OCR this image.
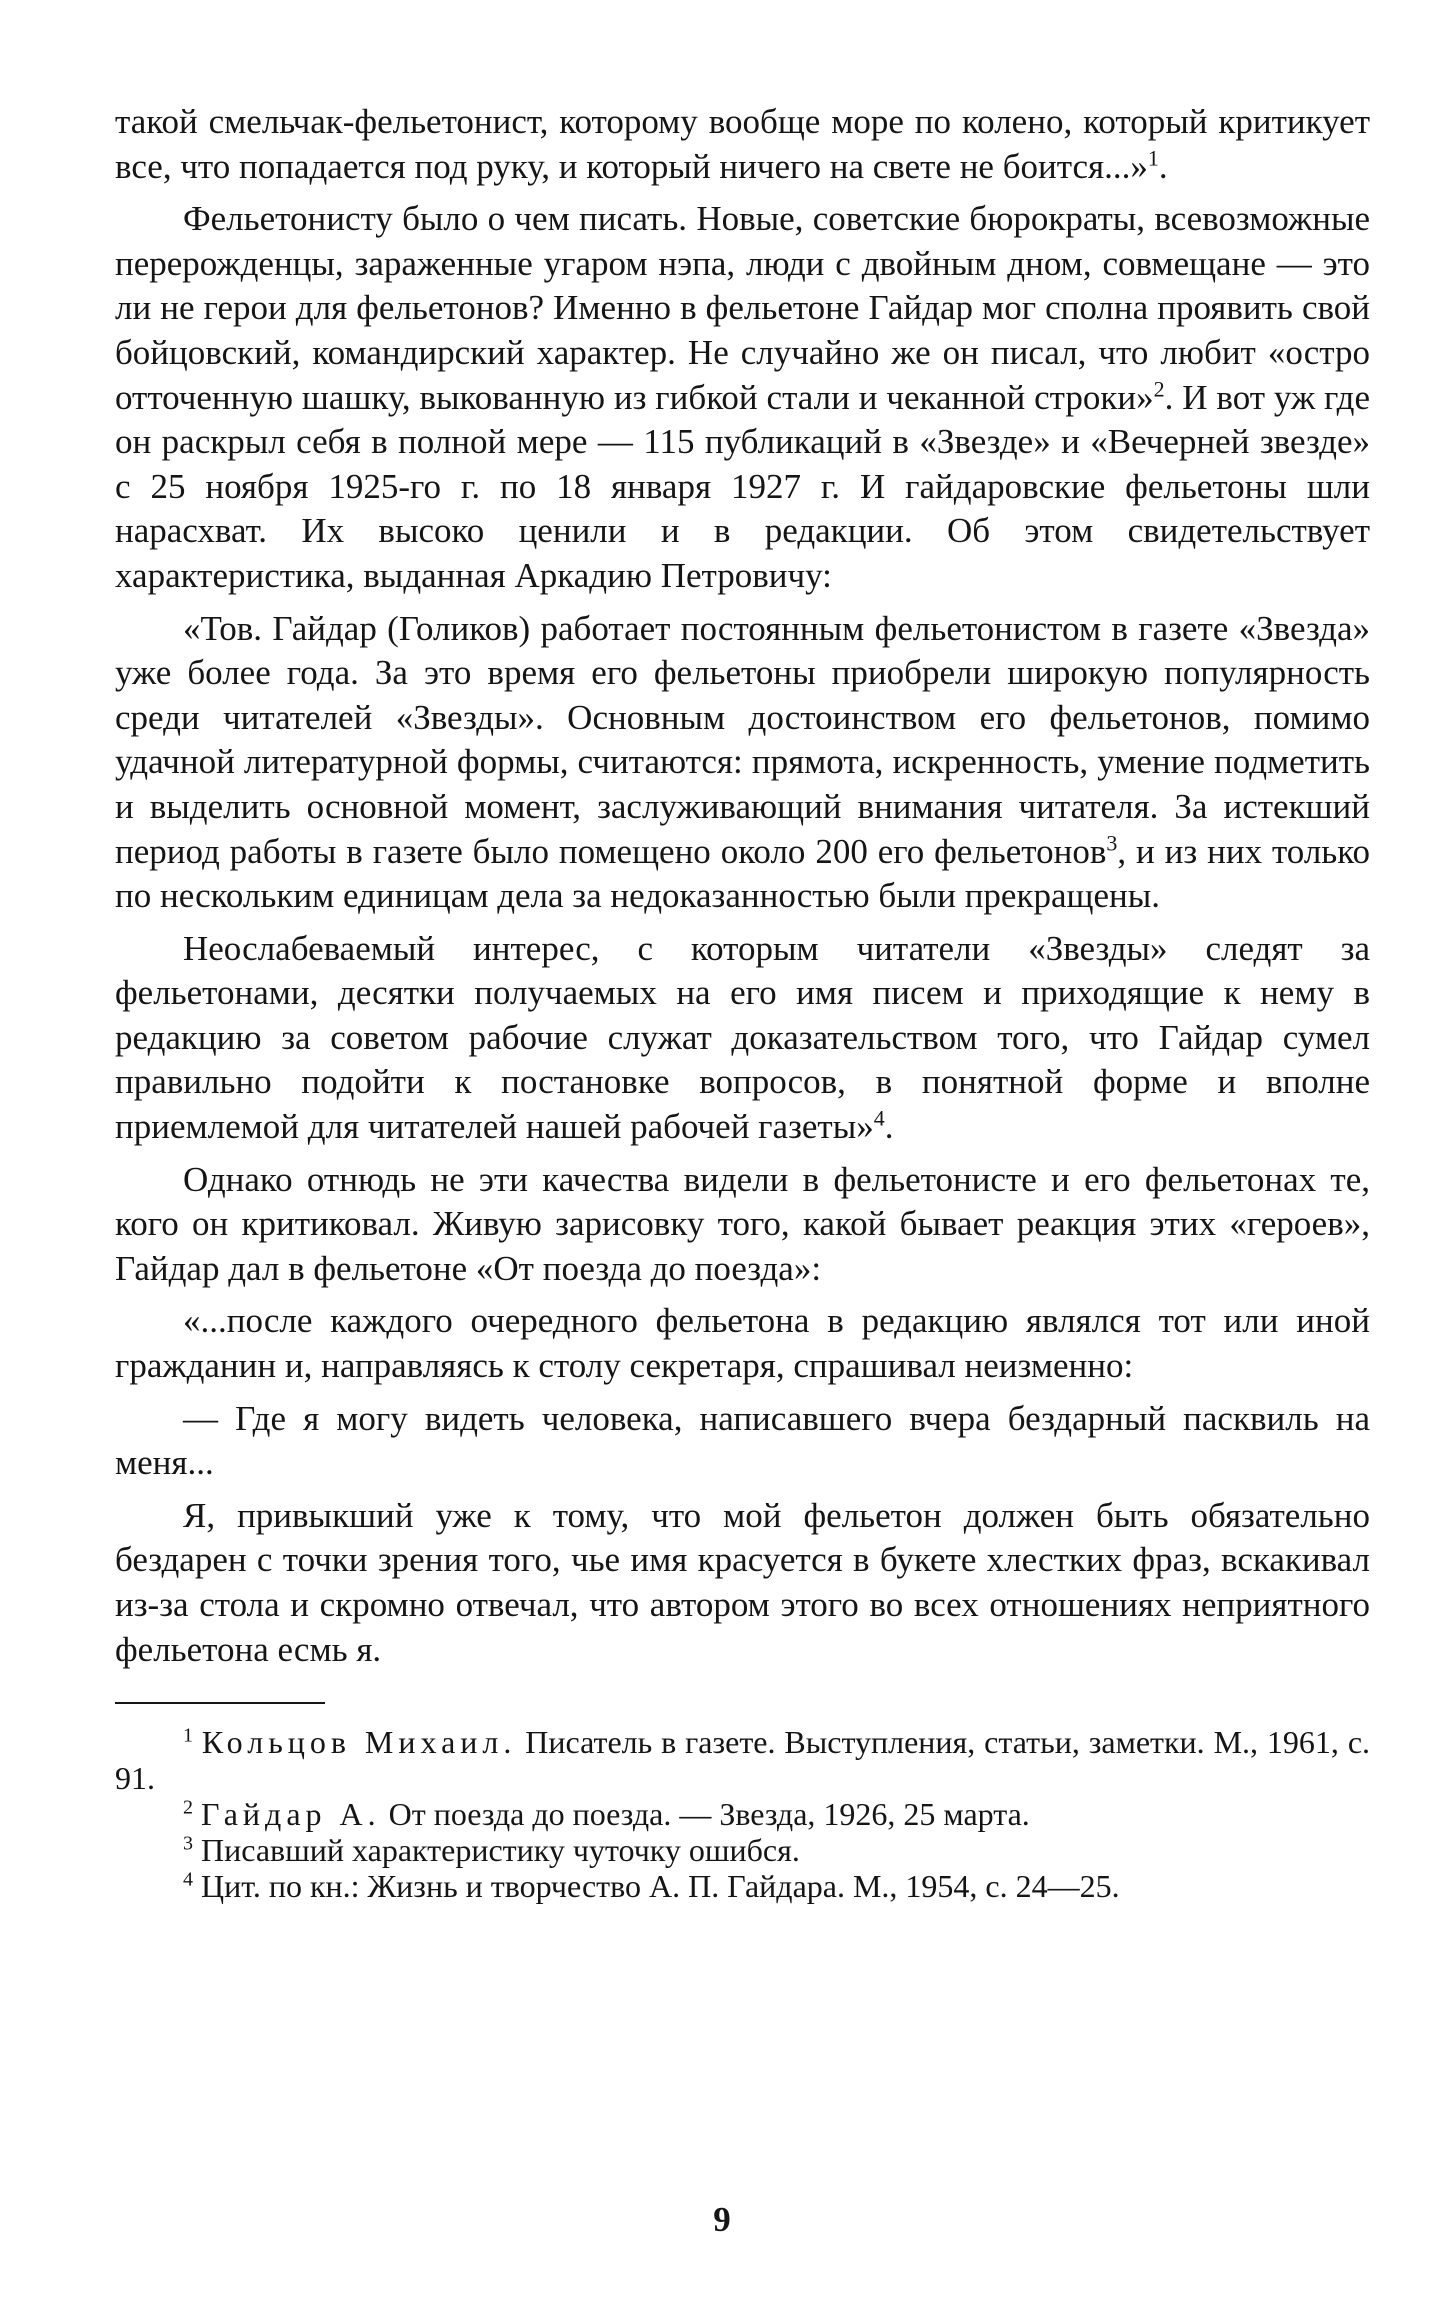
такой смельчак-фельетонист, которому вообще море по колено, который критикует все, что попадается под руку, и который ничего на свете не боится...»$^1$.

Фельетонисту было о чем писать. Новые, советские бюрократы, всевозможные перерожденцы, зараженные угаром нэпа, люди с двойным дном, совмещане — это ли не герои для фельетонов? Именно в фельетоне Гайдар мог сполна проявить свой бойцовский, командирский характер. Не случайно же он писал, что любит «остро отточенную шашку, выкованную из гибкой стали и чеканной строки»$^2$. И вот уж где он раскрыл себя в полной мере — 115 публикаций в «Звезде» и «Вечерней звезде» с 25 ноября 1925-го г. по 18 января 1927 г. И гайдаровские фельетоны шли нарасхват. Их высоко ценили и в редакции. Об этом свидетельствует характеристика, выданная Аркадию Петровичу:

«Тов. Гайдар (Голиков) работает постоянным фельетонистом в газете «Звезда» уже более года. За это время его фельетоны приобрели широкую популярность среди читателей «Звезды». Основным достоинством его фельетонов, помимо удачной литературной формы, считаются: прямота, искренность, умение подметить и выделить основной момент, заслуживающий внимания читателя. За истекший период работы в газете было помещено около 200 его фельетонов$^3$, и из них только по нескольким единицам дела за недоказанностью были прекращены.

Неослабеваемый интерес, с которым читатели «Звезды» следят за фельетонами, десятки получаемых на его имя писем и приходящие к нему в редакцию за советом рабочие служат доказательством того, что Гайдар сумел правильно подойти к постановке вопросов, в понятной форме и вполне приемлемой для читателей нашей рабочей газеты»$^4$.

Однако отнюдь не эти качества видели в фельетонисте и его фельетонах те, кого он критиковал. Живую зарисовку того, какой бывает реакция этих «героев», Гайдар дал в фельетоне «От поезда до поезда»:

«...после каждого очередного фельетона в редакцию являлся тот или иной гражданин и, направляясь к столу секретаря, спрашивал неизменно:

— Где я могу видеть человека, написавшего вчера бездарный пасквиль на меня...

Я, привыкший уже к тому, что мой фельетон должен быть обязательно бездарен с точки зрения того, чье имя красуется в букете хлестких фраз, вскакивал из-за стола и скромно отвечал, что автором этого во всех отношениях неприятного фельетона есмь я.

$^1$ Кольцов Михаил. Писатель в газете. Выступления, статьи, заметки. М., 1961, с. 91.

$^2$ Гайдар А. От поезда до поезда. — Звезда, 1926, 25 марта.

$^3$ Писавший характеристику чуточку ошибся.

$^4$ Цит. по кн.: Жизнь и творчество А. П. Гайдара. М., 1954, с. 24—25.

9
